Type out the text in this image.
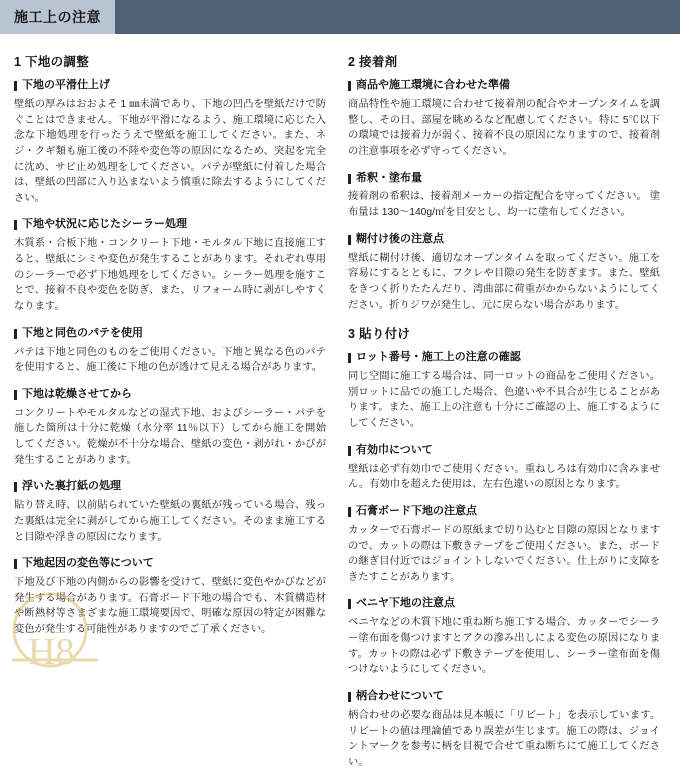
施工上の注意
1 下地の調整
下地の平滑仕上げ

壁紙の厚みはおおよそ 1 ㎜未満であり、下地の凹凸を壁紙だけで防ぐことはできません。下地が平滑になるよう、施工環境に応じた入念な下地処理を行ったうえで壁紙を施工してください。また、ネジ・クギ類も施工後の不陸や変色等の原因になるため、突起を完全に沈め、サビ止め処理をしてください。パテが壁紙に付着した場合は、壁紙の凹部に入り込まないよう慎重に除去するようにしてください。

下地や状況に応じたシーラー処理

木質系・合板下地・コンクリート下地・モルタル下地に直接施工すると、壁紙にシミや変色が発生することがあります。それぞれ専用のシーラーで必ず下地処理をしてください。シーラー処理を施すことで、接着不良や変色を防ぎ、また、リフォーム時に剥がしやすくなります。

下地と同色のパテを使用

パテは下地と同色のものをご使用ください。下地と異なる色のパテを使用すると、施工後に下地の色が透けて見える場合があります。

下地は乾燥させてから

コンクリートやモルタルなどの湿式下地、およびシーラー・パテを施した箇所は十分に乾燥（水分率 11％以下）してから施工を開始してください。乾燥が不十分な場合、壁紙の変色・剥がれ・かびが発生することがあります。

浮いた裏打紙の処理

貼り替え時、以前貼られていた壁紙の裏紙が残っている場合、残った裏紙は完全に剥がしてから施工してください。そのまま施工すると目隙や浮きの原因になります。

下地起因の変色等について

下地及び下地の内側からの影響を受けて、壁紙に変色やかびなどが発生する場合があります。石膏ボード下地の場合でも、木質構造材や断熱材等さまざまな施工環境要因で、明確な原因の特定が困難な変色が発生する可能性がありますのでご了承ください。

2 接着剤
商品や施工環境に合わせた準備

商品特性や施工環境に合わせて接着剤の配合やオープンタイムを調整し、その日、部屋を眺めるなど配慮してください。特に 5℃以下の環境では接着力が弱く、接着不良の原因になりますので、接着剤の注意事項を必ず守ってください。

希釈・塗布量

接着剤の希釈は、接着剤メーカーの指定配合を守ってください。 塗布量は 130～140g/㎡を目安とし、均一に塗布してください。

糊付け後の注意点

壁紙に糊付け後、適切なオープンタイムを取ってください。施工を容易にするとともに、フクレや目隙の発生を防ぎます。また、壁紙をきつく折りたたんだり、湾曲部に荷重がかからないようにしてください。折りジワが発生し、元に戻らない場合があります。

3 貼り付け
ロット番号・施工上の注意の確認

同じ空間に施工する場合は、同一ロットの商品をご使用ください。別ロットに品での施工した場合、色違いや不具合が生じることがあります。また、施工上の注意も十分にご確認の上、施工するようにしてください。

有効巾について

壁紙は必ず有効巾でご使用ください。重ねしろは有効巾に含みません。有効巾を超えた使用は、左右色違いの原因となります。

石膏ボード下地の注意点

カッターで石膏ボードの原紙まで切り込むと目隙の原因となりますので、カットの際は下敷きテープをご使用ください。また、ボードの継ぎ目付近ではジョイントしないでください。仕上がりに支障をきたすことがあります。

ベニヤ下地の注意点

ベニヤなどの木質下地に重ね断ち施工する場合、カッターでシーラー塗布面を傷つけますとアクの滲み出しによる変色の原因になります。カットの際は必ず下敷きテープを使用し、シーラー塗布面を傷つけないようにしてください。

柄合わせについて

柄合わせの必要な商品は見本帳に「リピート」を表示しています。リピートの値は理論値であり誤差が生じます。施工の際は、ジョイントマークを参考に柄を目視で合せて重ね断ちにて施工してください。

H8
